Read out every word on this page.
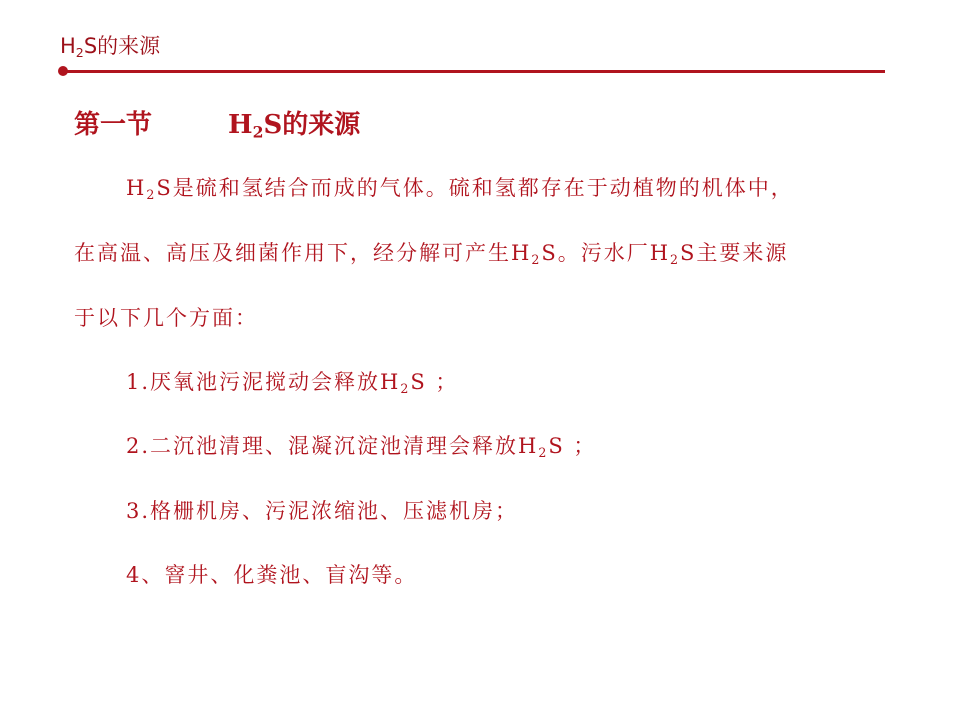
$H_2S$的来源
第一节	$H_2S$的来源
$H_2S$是硫和氢结合而成的气体。硫和氢都存在于动植物的机体中，
在高温、高压及细菌作用下，经分解可产生$H_2S$。污水厂$H_2S$主要来源
于以下几个方面：
1.厌氧池污泥搅动会释放$H_2S$ ；
2.二沉池清理、混凝沉淀池清理会释放$H_2S$ ；
3.格栅机房、污泥浓缩池、压滤机房；
4、窨井、化粪池、盲沟等。
